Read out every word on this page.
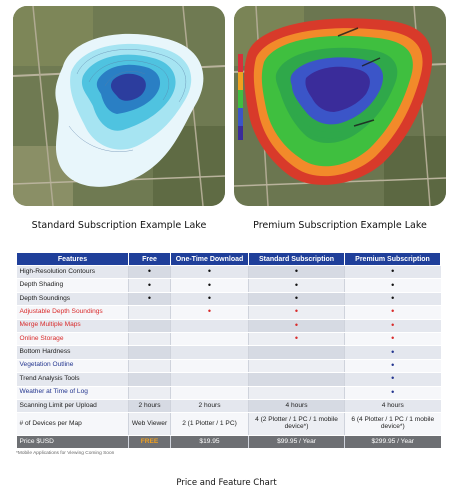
Standard Subscription Example Lake	Premium Subscription Example Lake
Features	Free	One-Time Download	Standard Subscription	Premium Subscription
High-Resolution Contours	•	•	•	•
Depth Shading	•	•	•	•
Depth Soundings	•	•	•	•
Adjustable Depth Soundings		•	•	•
Merge Multiple Maps			•	•
Online Storage			•	•
Bottom Hardness				•
Vegetation Outline				•
Trend Analysis Tools				•
Weather at Time of Log				•
Scanning Limit per Upload	2 hours	2 hours	4 hours	4 hours
# of Devices per Map	Web Viewer	2 (1 Plotter / 1 PC)	4 (2 Plotter / 1 PC / 1 mobile device*)	6 (4 Plotter / 1 PC / 1 mobile device*)
Price $USD	FREE	$19.95	$99.95 / Year	$299.95 / Year
*Mobile Applications for Viewing Coming Soon
Price and Feature Chart
